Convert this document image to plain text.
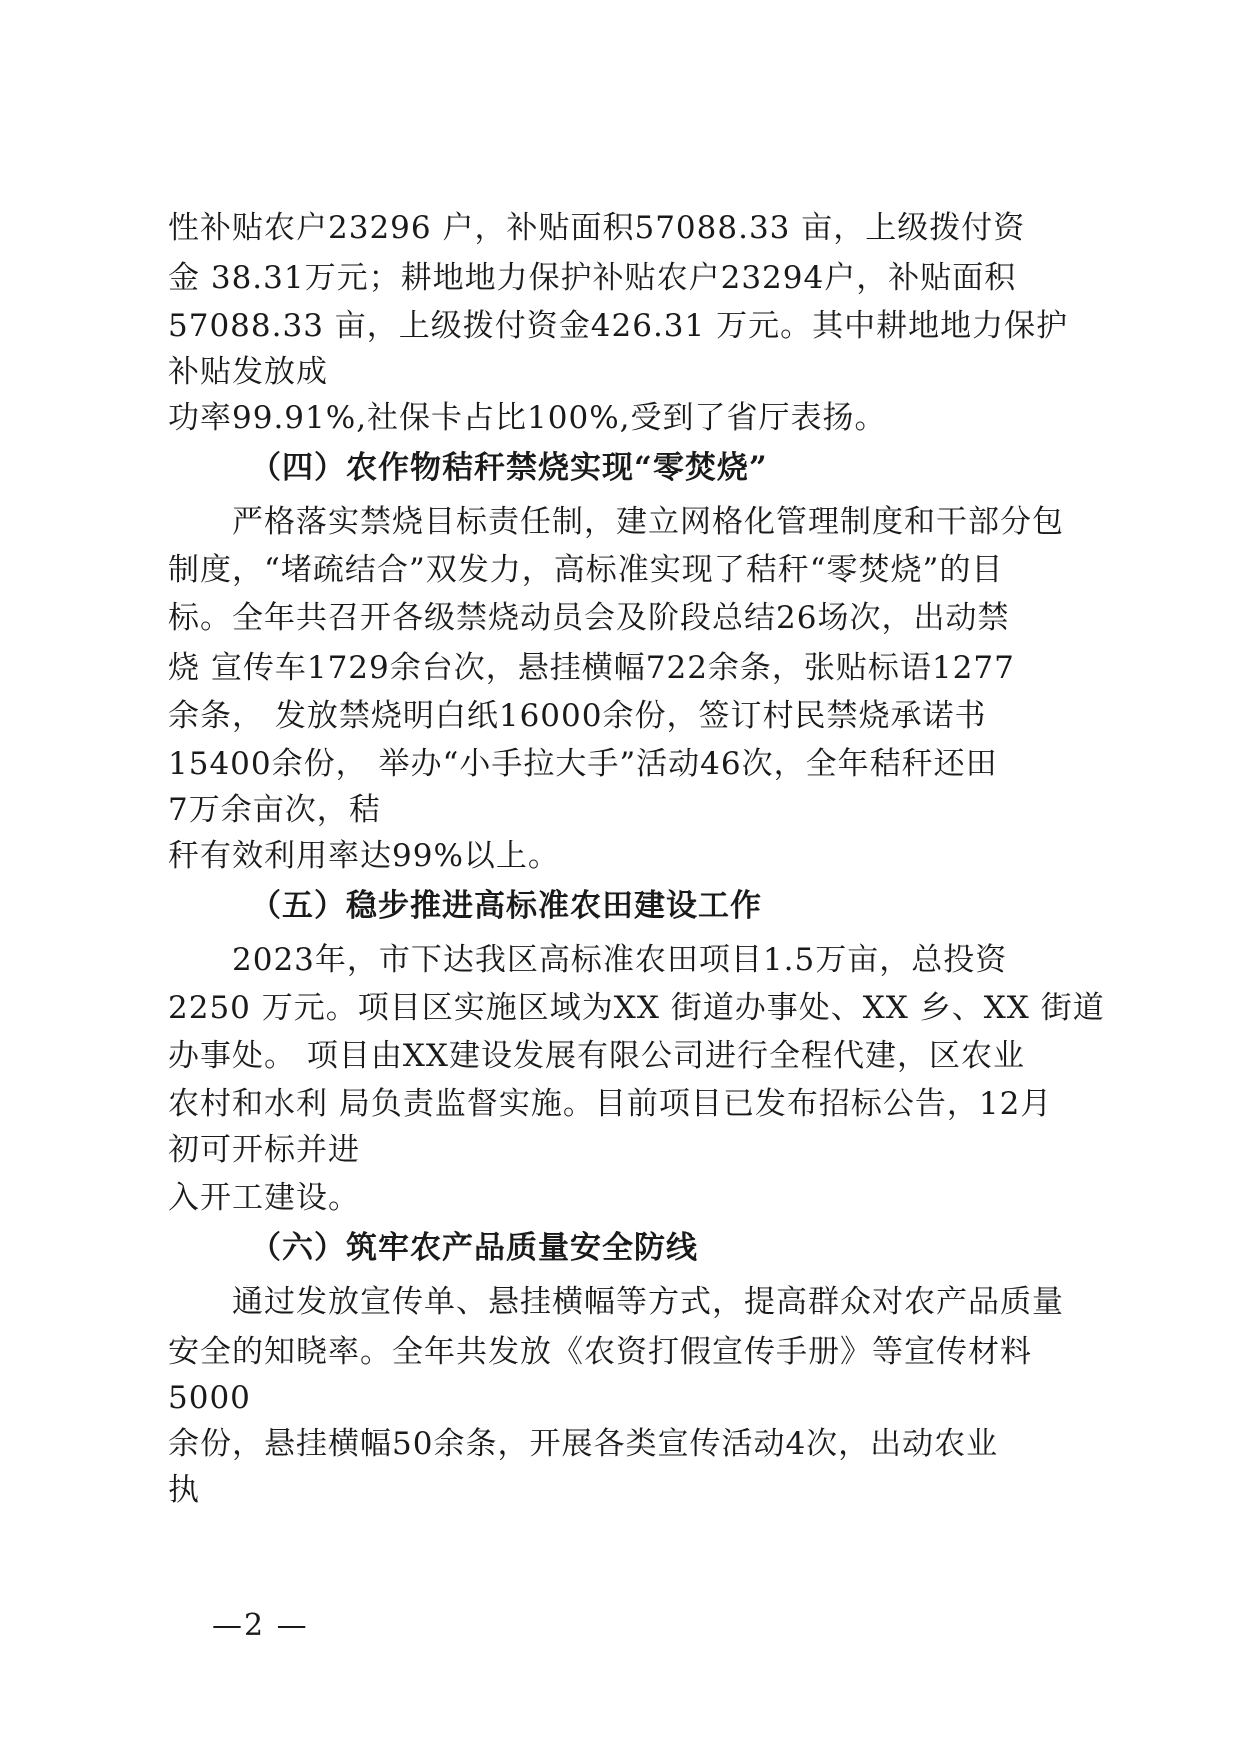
性补贴农户23296 户，补贴面积57088.33 亩，上级拨付资
金 38.31万元；耕地地力保护补贴农户23294户，补贴面积
57088.33 亩，上级拨付资金426.31 万元。其中耕地地力保护
补贴发放成
功率99.91%,社保卡占比100%,受到了省厅表扬。
（四）农作物秸秆禁烧实现“零焚烧”
严格落实禁烧目标责任制，建立网格化管理制度和干部分包
制度，“堵疏结合”双发力，高标准实现了秸秆“零焚烧”的目
标。全年共召开各级禁烧动员会及阶段总结26场次，出动禁
烧 宣传车1729余台次，悬挂横幅722余条，张贴标语1277
余条， 发放禁烧明白纸16000余份，签订村民禁烧承诺书
15400余份， 举办“小手拉大手”活动46次，全年秸秆还田
7万余亩次，秸
秆有效利用率达99%以上。
（五）稳步推进高标准农田建设工作
2023年，市下达我区高标准农田项目1.5万亩，总投资
2250 万元。项目区实施区域为XX 街道办事处、XX 乡、XX 街道
办事处。 项目由XX建设发展有限公司进行全程代建，区农业
农村和水利 局负责监督实施。目前项目已发布招标公告，12月
初可开标并进
入开工建设。
（六）筑牢农产品质量安全防线
通过发放宣传单、悬挂横幅等方式，提高群众对农产品质量
安全的知晓率。全年共发放《农资打假宣传手册》等宣传材料
5000
余份，悬挂横幅50余条，开展各类宣传活动4次，出动农业
执
—2 —
